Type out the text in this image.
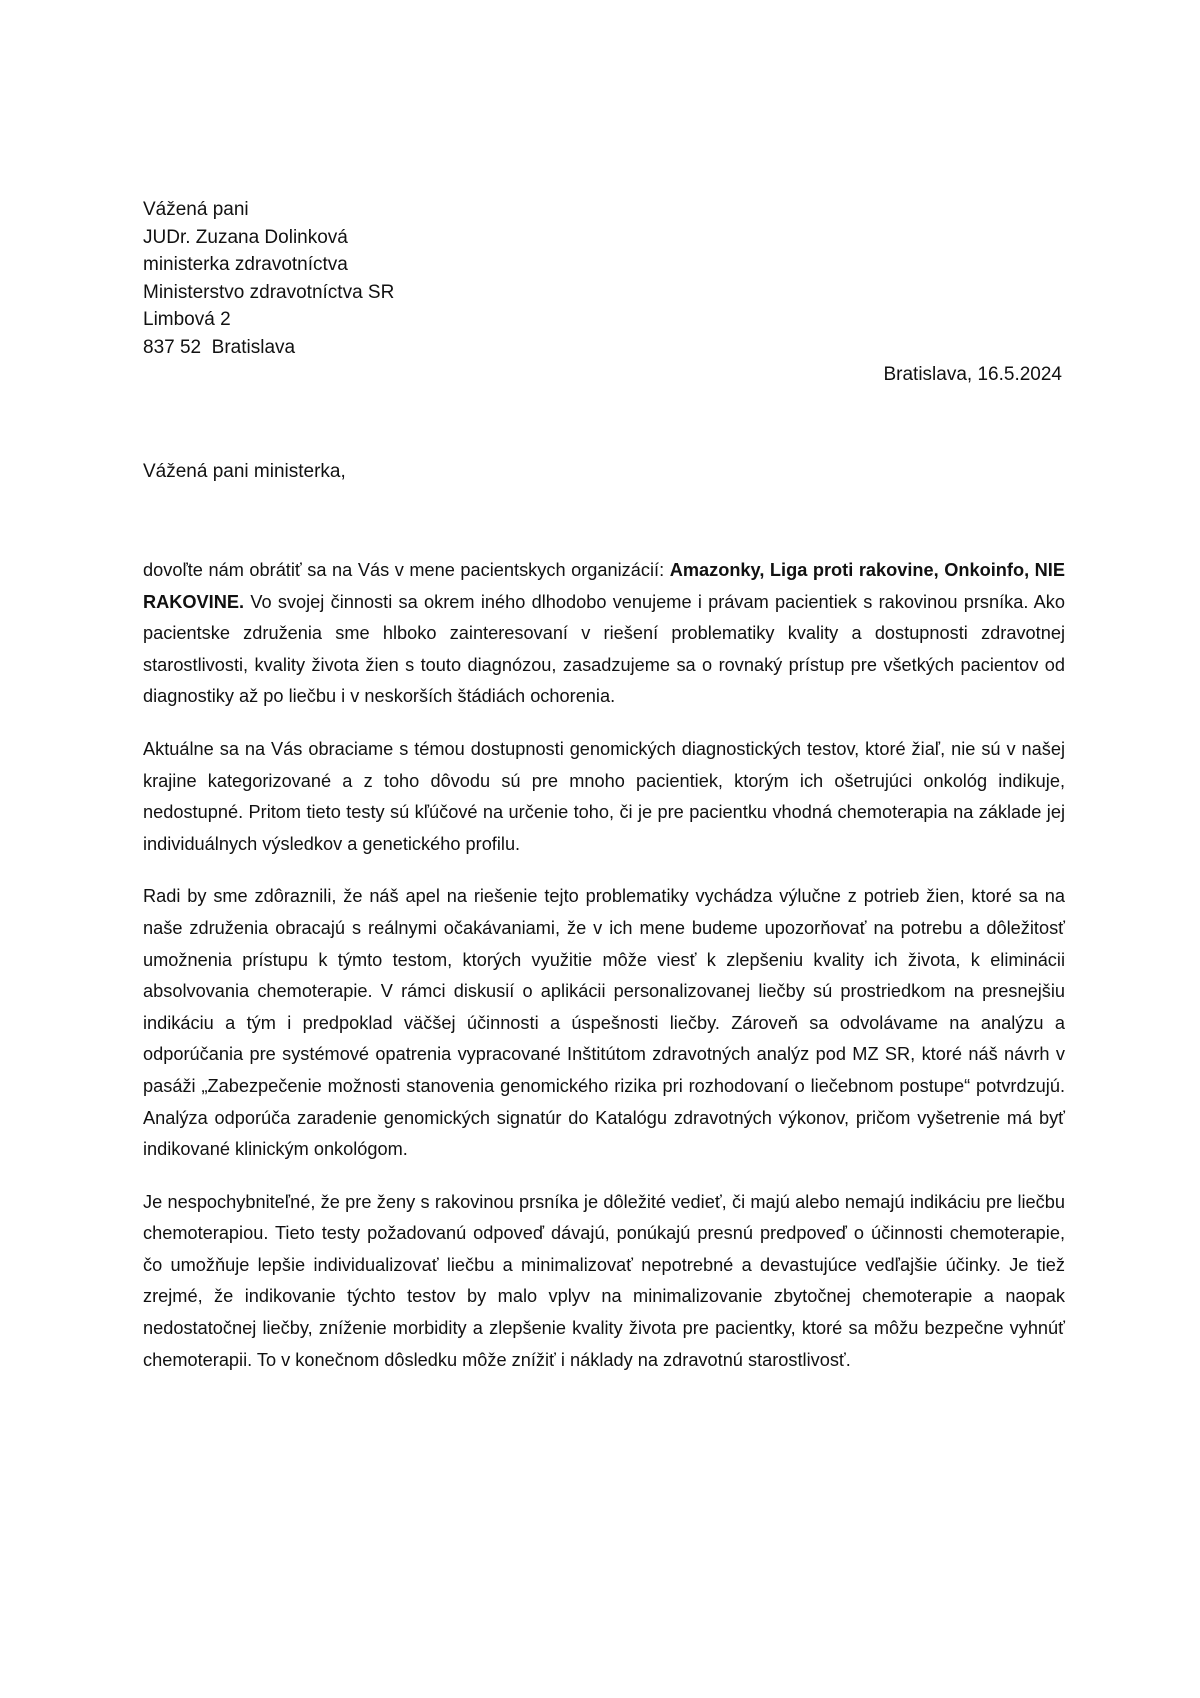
Vážená pani
JUDr. Zuzana Dolinková
ministerka zdravotníctva
Ministerstvo zdravotníctva SR
Limbová 2
837 52  Bratislava
Bratislava, 16.5.2024
Vážená pani ministerka,

dovoľte nám obrátiť sa na Vás v mene pacientskych organizácií: Amazonky, Liga proti rakovine, Onkoinfo, NIE RAKOVINE. Vo svojej činnosti sa okrem iného dlhodobo venujeme i právam pacientiek s rakovinou prsníka. Ako pacientske združenia sme hlboko zainteresovaní v riešení problematiky kvality a dostupnosti zdravotnej starostlivosti, kvality života žien s touto diagnózou, zasadzujeme sa o rovnaký prístup pre všetkých pacientov od diagnostiky až po liečbu i v neskorších štádiách ochorenia.

Aktuálne sa na Vás obraciame s témou dostupnosti genomických diagnostických testov, ktoré žiaľ, nie sú v našej krajine kategorizované a z toho dôvodu sú pre mnoho pacientiek, ktorým ich ošetrujúci onkológ indikuje, nedostupné. Pritom tieto testy sú kľúčové na určenie toho, či je pre pacientku vhodná chemoterapia na základe jej individuálnych výsledkov a genetického profilu.

Radi by sme zdôraznili, že náš apel na riešenie tejto problematiky vychádza výlučne z potrieb žien, ktoré sa na naše združenia obracajú s reálnymi očakávaniami, že v ich mene budeme upozorňovať na potrebu a dôležitosť umožnenia prístupu k týmto testom, ktorých využitie môže viesť k zlepšeniu kvality ich života, k eliminácii absolvovania chemoterapie. V rámci diskusií o aplikácii personalizovanej liečby sú prostriedkom na presnejšiu indikáciu a tým i predpoklad väčšej účinnosti a úspešnosti liečby. Zároveň sa odvolávame na analýzu a odporúčania pre systémové opatrenia vypracované Inštitútom zdravotných analýz pod MZ SR, ktoré náš návrh v pasáži „Zabezpečenie možnosti stanovenia genomického rizika pri rozhodovaní o liečebnom postupe“ potvrdzujú. Analýza odporúča zaradenie genomických signatúr do Katalógu zdravotných výkonov, pričom vyšetrenie má byť indikované klinickým onkológom.

Je nespochybniteľné, že pre ženy s rakovinou prsníka je dôležité vedieť, či majú alebo nemajú indikáciu pre liečbu chemoterapiou. Tieto testy požadovanú odpoveď dávajú, ponúkajú presnú predpoveď o účinnosti chemoterapie, čo umožňuje lepšie individualizovať liečbu a minimalizovať nepotrebné a devastujúce vedľajšie účinky. Je tiež zrejmé, že indikovanie týchto testov by malo vplyv na minimalizovanie zbytočnej chemoterapie a naopak nedostatočnej liečby, zníženie morbidity a zlepšenie kvality života pre pacientky, ktoré sa môžu bezpečne vyhnúť chemoterapii. To v konečnom dôsledku môže znížiť i náklady na zdravotnú starostlivosť.
